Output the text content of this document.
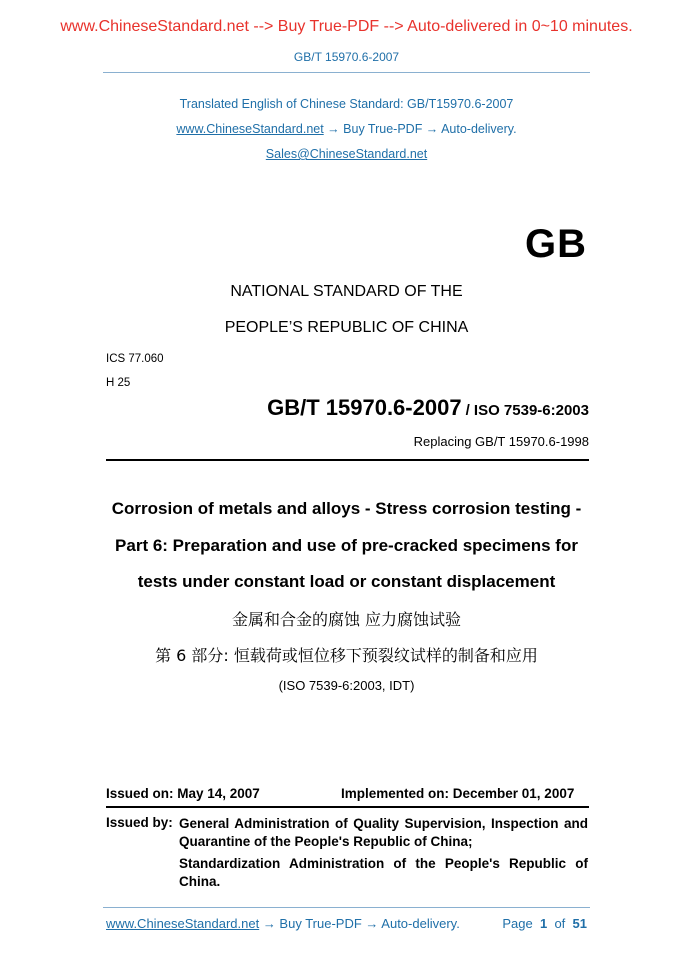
www.ChineseStandard.net --> Buy True-PDF --> Auto-delivered in 0~10 minutes.
GB/T 15970.6-2007
Translated English of Chinese Standard: GB/T15970.6-2007
www.ChineseStandard.net → Buy True-PDF → Auto-delivery.
Sales@ChineseStandard.net
GB
NATIONAL STANDARD OF THE
PEOPLE’S REPUBLIC OF CHINA
ICS 77.060
H 25
GB/T 15970.6-2007 / ISO 7539-6:2003
Replacing GB/T 15970.6-1998
Corrosion of metals and alloys - Stress corrosion testing -
Part 6: Preparation and use of pre-cracked specimens for
tests under constant load or constant displacement
金属和合金的腐蚀 应力腐蚀试验
第 6 部分: 恒载荷或恒位移下预裂纹试样的制备和应用
(ISO 7539-6:2003, IDT)
Issued on: May 14, 2007	Implemented on: December 01, 2007
Issued by: General Administration of Quality Supervision, Inspection and Quarantine of the People's Republic of China;
Standardization Administration of the People's Republic of China.
www.ChineseStandard.net → Buy True-PDF → Auto-delivery.	Page 1 of 51
